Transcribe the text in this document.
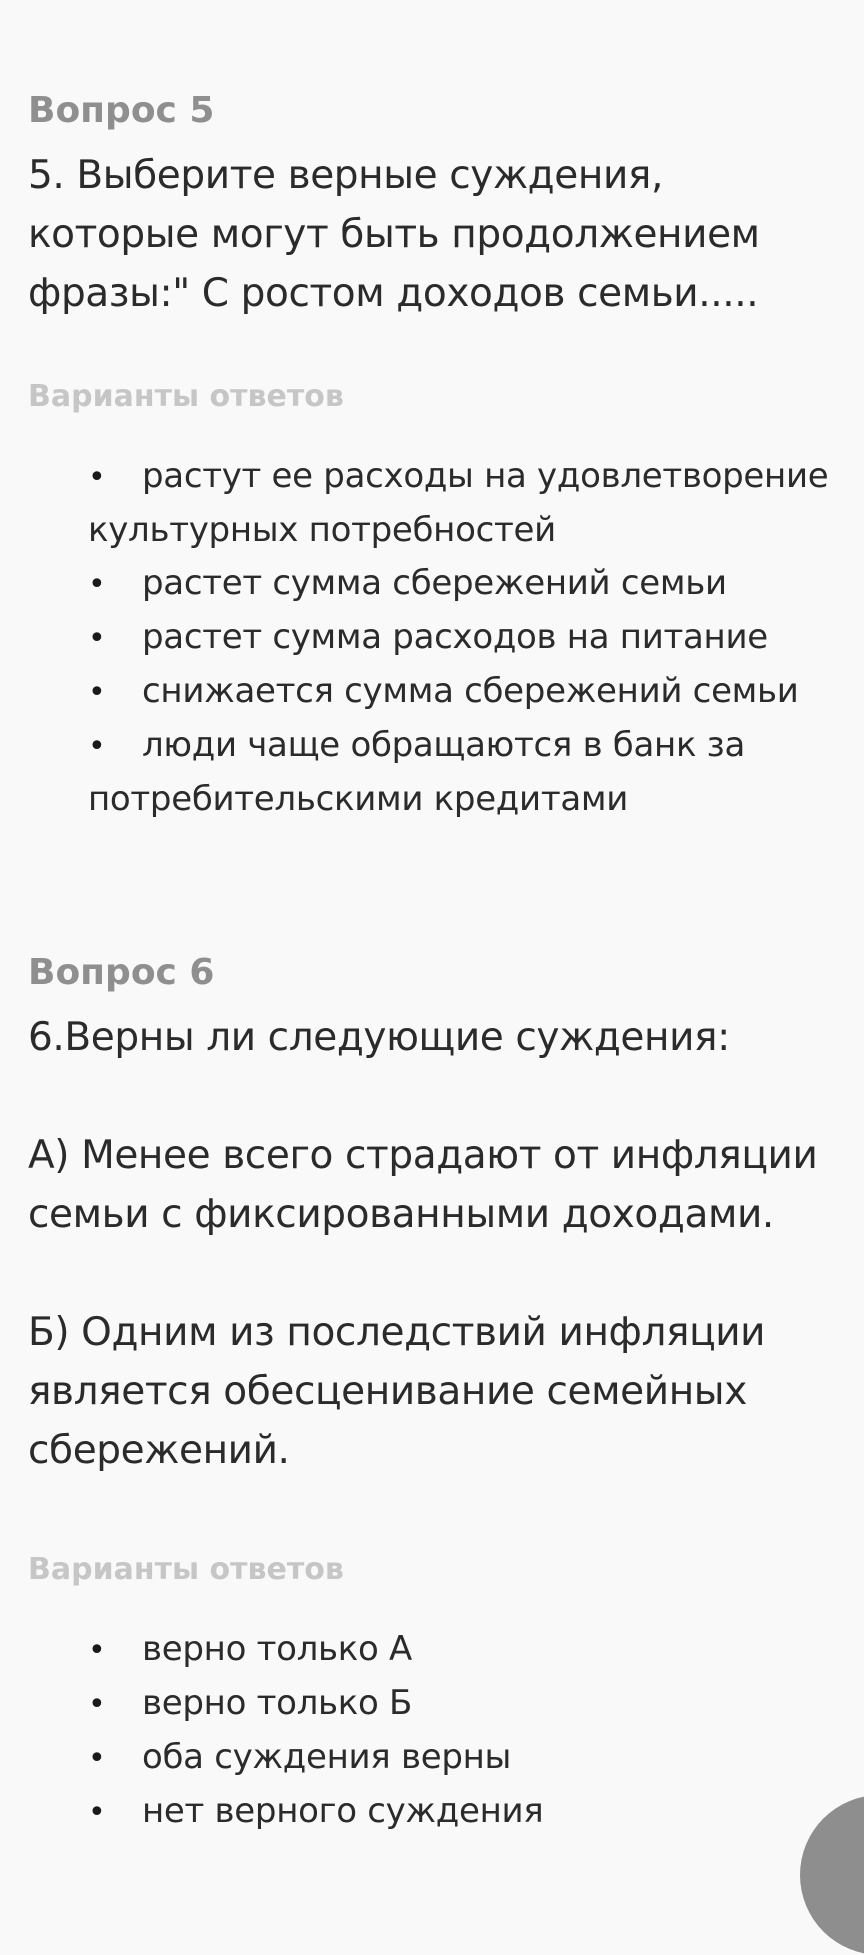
Вопрос 5
5. Выберите верные суждения, которые могут быть продолжением фразы:" С ростом доходов семьи.....
Варианты ответов
• растут ее расходы на удовлетворение культурных потребностей
• растет сумма сбережений семьи
• растет сумма расходов на питание
• снижается сумма сбережений семьи
• люди чаще обращаются в банк за потребительскими кредитами
Вопрос 6
6.Верны ли следующие суждения:
А) Менее всего страдают от инфляции семьи с фиксированными доходами.
Б) Одним из последствий инфляции является обесценивание семейных сбережений.
Варианты ответов
• верно только А
• верно только Б
• оба суждения верны
• нет верного суждения
